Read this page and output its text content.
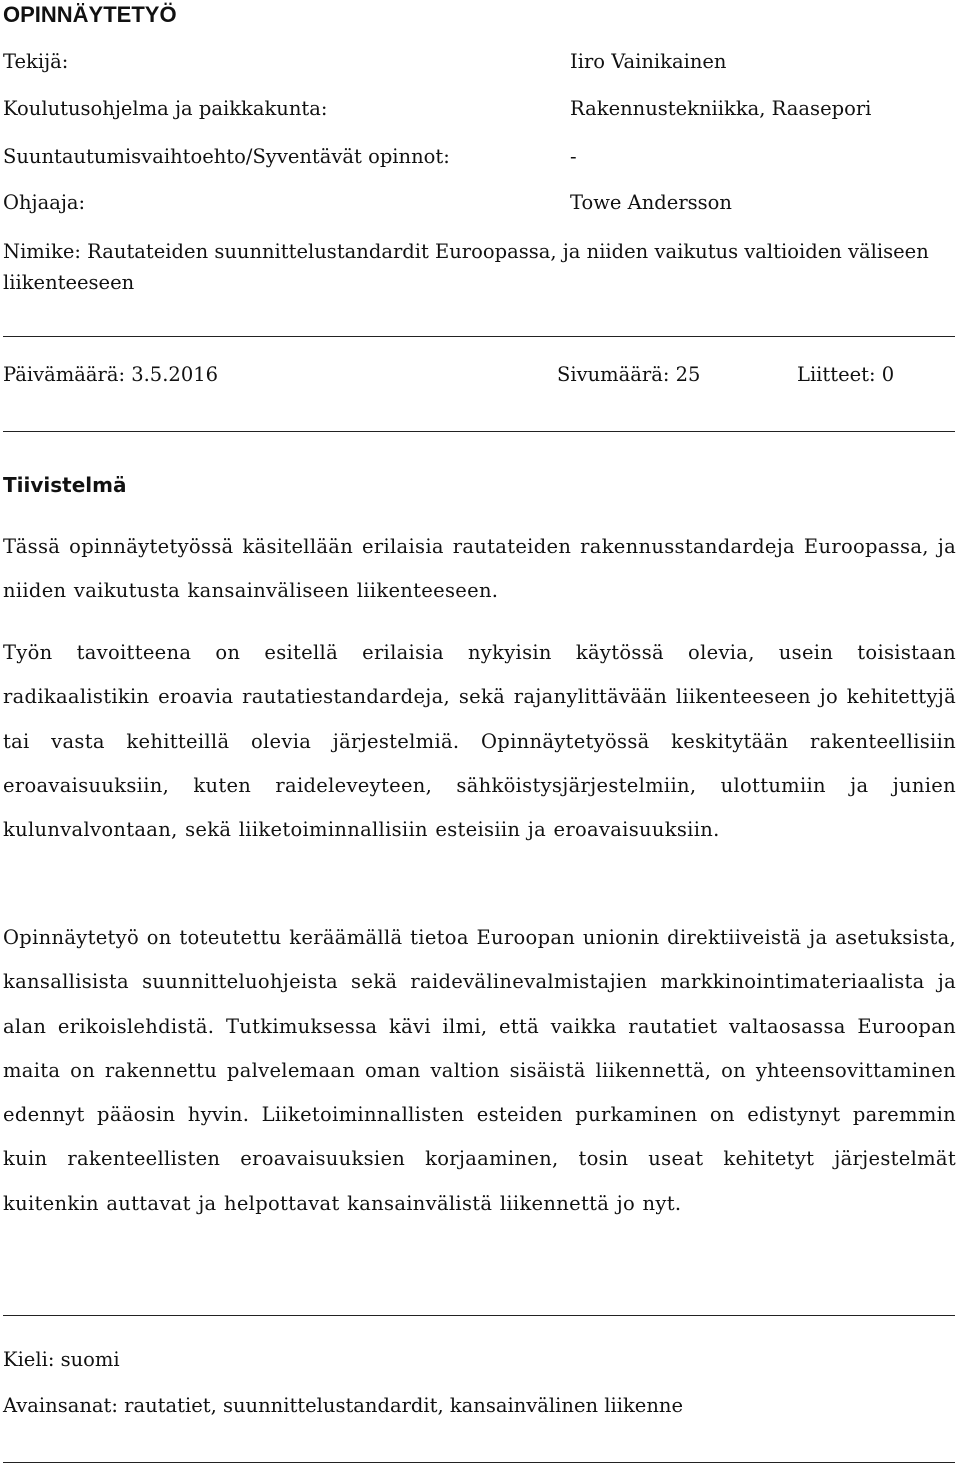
OPINNÄYTETYÖ
Tekijä:	Iiro Vainikainen
Koulutusohjelma ja paikkakunta:	Rakennustekniikka, Raasepori
Suuntautumisvaihtoehto/Syventävät opinnot:	-
Ohjaaja:	Towe Andersson
Nimike: Rautateiden suunnittelustandardit Euroopassa, ja niiden vaikutus valtioiden väliseen liikenteeseen
Päivämäärä: 3.5.2016	Sivumäärä: 25	Liitteet: 0
Tiivistelmä
Tässä opinnäytetyössä käsitellään erilaisia rautateiden rakennusstandardeja Euroopassa, ja niiden vaikutusta kansainväliseen liikenteeseen.
Työn tavoitteena on esitellä erilaisia nykyisin käytössä olevia, usein toisistaan radikaalistikin eroavia rautatiestandardeja, sekä rajanylittävään liikenteeseen jo kehitettyjä tai vasta kehitteillä olevia järjestelmiä. Opinnäytetyössä keskitytään rakenteellisiin eroavaisuuksiin, kuten raideleveyteen, sähköistysjärjestelmiin, ulottumiin ja junien kulunvalvontaan, sekä liiketoiminnallisiin esteisiin ja eroavaisuuksiin.
Opinnäytetyö on toteutettu keräämällä tietoa Euroopan unionin direktiiveistä ja asetuksista, kansallisista suunnitteluohjeista sekä raidevälinevalmistajien markkinointimateriaalista ja alan erikoislehdistä. Tutkimuksessa kävi ilmi, että vaikka rautatiet valtaosassa Euroopan maita on rakennettu palvelemaan oman valtion sisäistä liikennettä, on yhteensovittaminen edennyt pääosin hyvin. Liiketoiminnallisten esteiden purkaminen on edistynyt paremmin kuin rakenteellisten eroavaisuuksien korjaaminen, tosin useat kehitetyt järjestelmät kuitenkin auttavat ja helpottavat kansainvälistä liikennettä jo nyt.
Kieli: suomi
Avainsanat: rautatiet, suunnittelustandardit, kansainvälinen liikenne
